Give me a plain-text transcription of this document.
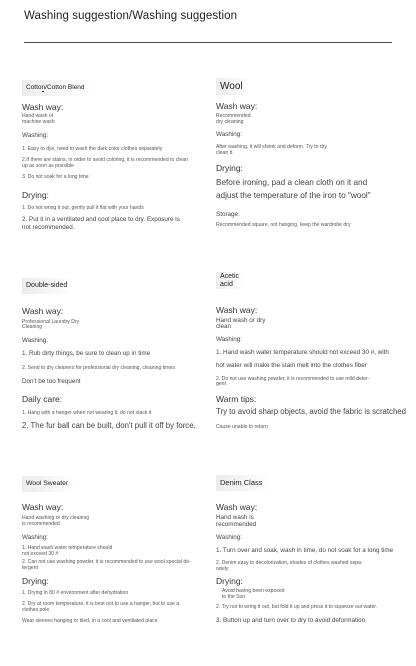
Washing suggestion/Washing suggestion
Cotton/Cotton Blend
Wash way:
Hand wash or
machine wash
Washing:
1. Easy to dye, need to wash the dark color clothes separately
2.If there are stains, in order to avoid coloring, it is recommended to clean
up as soon as possible
3. Do not soak for a long time
Drying:
1. Do not wring it out, gently pull it flat with your hands
2. Put it in a ventilated and cool place to dry. Exposure is
not recommended.
Wool
Wash way:
Recommended
dry cleaning
Washing:
After washing, it will shrink and deform. Try to dry
clean it.
Drying:
Before ironing, pad a clean cloth on it and
adjust the temperature of the iron to "wool"
Storage:
Recommended square, not hanging, keep the wardrobe dry
Double-sided
Wash way:
Professional Laundry Dry
Cleaning
Washing:
1. Rub dirty things, be sure to clean up in time
2. Send to dry cleaners for professional dry cleaning, cleaning times
Don't be too frequent
Daily care:
1. Hang with a hanger when not wearing it, do not stack it
2. The fur ball can be built, don't pull it off by force.
Acetic
acid
Wash way:
Hand wash or dry
clean
Washing:
1. Hand wash water temperature should not exceed 30 #, with
hot water will make the stain melt into the clothes fiber
2. Do not use washing powder, it is recommended to use mild deter-
gent
Warm tips:
Try to avoid sharp objects, avoid the fabric is scratched
Cause unable to return
Wool Sweater
Wash way:
Hand washing or dry cleaning
is recommended
Washing:
1. Hand wash water temperature should
not exceed 30 #
2. Can not use washing powder, it is recommended to use wool special de-
tergent
Drying:
1. Drying in 80 # environment after dehydration
2. Dry at room temperature, it is best not to use a hanger, but to use a
clothes pole.
Wear sleeves hanging or tiled, in a cool and ventilated place
Denim Class
Wash way:
Hand wash is
recommended
Washing:
1. Turn over and soak, wash in time, do not soak for a long time
2. Denim easy to decolorization, shades of clothes washed sepa-
rately
Drying:
Avoid having been exposed
to the Sun
2. Try not to wring it out, but fold it up and press it to squeeze out water.
3. Button up and turn over to dry to avoid deformation
